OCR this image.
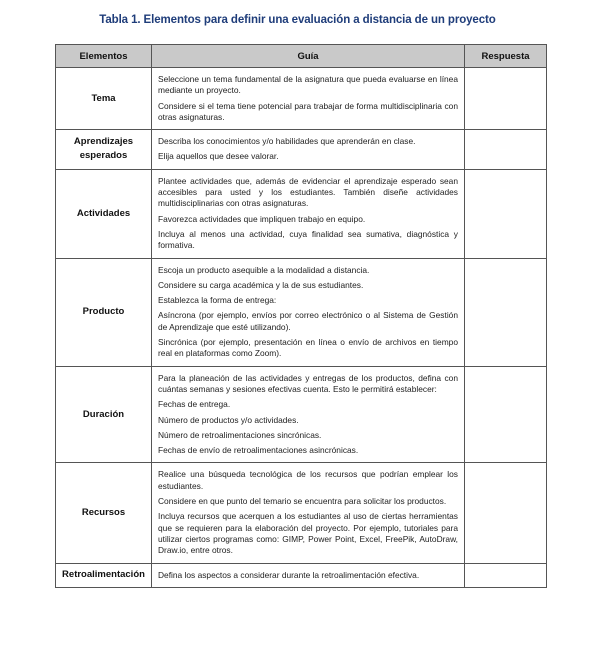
Tabla 1. Elementos para definir una evaluación a distancia de un proyecto
Elementos	Guía	Respuesta
Tema	Seleccione un tema fundamental de la asignatura que pueda evaluarse en línea mediante un proyecto.

Considere si el tema tiene potencial para trabajar de forma multidisciplinaria con otras asignaturas.	

Aprendizajes esperados	Describa los conocimientos y/o habilidades que aprenderán en clase.

Elija aquellos que desee valorar.	

Actividades	Plantee actividades que, además de evidenciar el aprendizaje esperado sean accesibles para usted y los estudiantes. También diseñe actividades multidisciplinarias con otras asignaturas.

Favorezca actividades que impliquen trabajo en equipo.

Incluya al menos una actividad, cuya finalidad sea sumativa, diagnóstica y formativa.	

Producto	Escoja un producto asequible a la modalidad a distancia.

Considere su carga académica y la de sus estudiantes.

Establezca la forma de entrega:

Asíncrona (por ejemplo, envíos por correo electrónico o al Sistema de Gestión de Aprendizaje que esté utilizando).

Sincrónica (por ejemplo, presentación en línea o envío de archivos en tiempo real en plataformas como Zoom).	

Duración	Para la planeación de las actividades y entregas de los productos, defina con cuántas semanas y sesiones efectivas cuenta. Esto le permitirá establecer:

Fechas de entrega.

Número de productos y/o actividades.

Número de retroalimentaciones sincrónicas.

Fechas de envío de retroalimentaciones asincrónicas.	

Recursos	Realice una búsqueda tecnológica de los recursos que podrían emplear los estudiantes.

Considere en que punto del temario se encuentra para solicitar los productos.

Incluya recursos que acerquen a los estudiantes al uso de ciertas herramientas que se requieren para la elaboración del proyecto. Por ejemplo, tutoriales para utilizar ciertos programas como: GIMP, Power Point, Excel, FreePik, AutoDraw, Draw.io, entre otros.	

Retroalimentación	Defina los aspectos a considerar durante la retroalimentación efectiva.	
